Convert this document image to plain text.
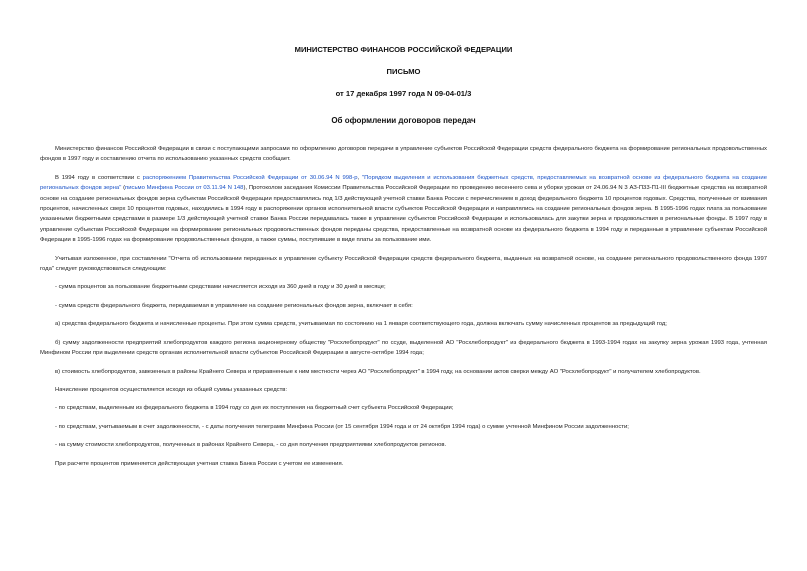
МИНИСТЕРСТВО ФИНАНСОВ РОССИЙСКОЙ ФЕДЕРАЦИИ

ПИСЬМО

от 17 декабря 1997 года N 09-04-01/3

Об оформлении договоров передач

Министерство финансов Российской Федерации в связи с поступающими запросами по оформлению договоров передачи в управление субъектов Российской Федерации средств федерального бюджета на формирование региональных продовольственных фондов в 1997 году и составлению отчета по использованию указанных средств сообщает.

В 1994 году в соответствии с распоряжением Правительства Российской Федерации от 30.06.94 N 998-р, "Порядком выделения и использования бюджетных средств, предоставляемых на возвратной основе из федерального бюджета на создание региональных фондов зерна" (письмо Минфина России от 03.11.94 N 148), Протоколом заседания Комиссии Правительства Российской Федерации по проведению весеннего сева и уборки урожая от 24.06.94 N 3 АЗ-П33-П1-III бюджетные средства на возвратной основе на создание региональных фондов зерна субъектам Российской Федерации предоставлялись под 1/3 действующей учетной ставки Банка России с перечислением в доход федерального бюджета 10 процентов годовых. Средства, полученные от взимания процентов, начисленных сверх 10 процентов годовых, находились в 1994 году в распоряжении органов исполнительной власти субъектов Российской Федерации и направлялись на создание региональных фондов зерна. В 1995-1996 годах плата за пользование указанными бюджетными средствами в размере 1/3 действующей учетной ставки Банка России передавалась также в управление субъектов Российской Федерации и использовалась для закупки зерна и продовольствия в региональные фонды. В 1997 году в управление субъектам Российской Федерации на формирование региональных продовольственных фондов переданы средства, предоставленные на возвратной основе из федерального бюджета в 1994 году и переданные в управление субъектам Российской Федерации в 1995-1996 годах на формирование продовольственных фондов, а также суммы, поступившие в виде платы за пользование ими.

Учитывая изложенное, при составлении "Отчета об использовании переданных в управление субъекту Российской Федерации средств федерального бюджета, выданных на возвратной основе, на создание регионального продовольственного фонда 1997 года" следует руководствоваться следующим:

- сумма процентов за пользование бюджетными средствами начисляется исходя из 360 дней в году и 30 дней в месяце;

- сумма средств федерального бюджета, передаваемая в управление на создание региональных фондов зерна, включает в себя:

а) средства федерального бюджета и начисленные проценты. При этом сумма средств, учитываемая по состоянию на 1 января соответствующего года, должна включать сумму начисленных процентов за предыдущий год;

б) сумму задолженности предприятий хлебопродуктов каждого региона акционерному обществу "Росхлебопродукт" по ссуде, выделенной АО "Росхлебопродукт" из федерального бюджета в 1993-1994 годах на закупку зерна урожая 1993 года, учтенная Минфином России при выделении средств органам исполнительной власти субъектов Российской Федерации в августе-октябре 1994 года;

в) стоимость хлебопродуктов, завезенных в районы Крайнего Севера и приравненные к ним местности через АО "Росхлебопродукт" в 1994 году, на основании актов сверки между АО "Росхлебопродукт" и получателем хлебопродуктов.

Начисление процентов осуществляется исходя из общей суммы указанных средств:

- по средствам, выделенным из федерального бюджета в 1994 году со дня их поступления на бюджетный счет субъекта Российской Федерации;

- по средствам, учитываемым в счет задолженности, - с даты получения телеграмм Минфина России (от 15 сентября 1994 года и от 24 октября 1994 года) о сумме учтенной Минфином России задолженности;

- на сумму стоимости хлебопродуктов, полученных в районах Крайнего Севера, - со дня получения предприятиями хлебопродуктов регионов.

При расчете процентов применяется действующая учетная ставка Банка России с учетом ее изменения.
